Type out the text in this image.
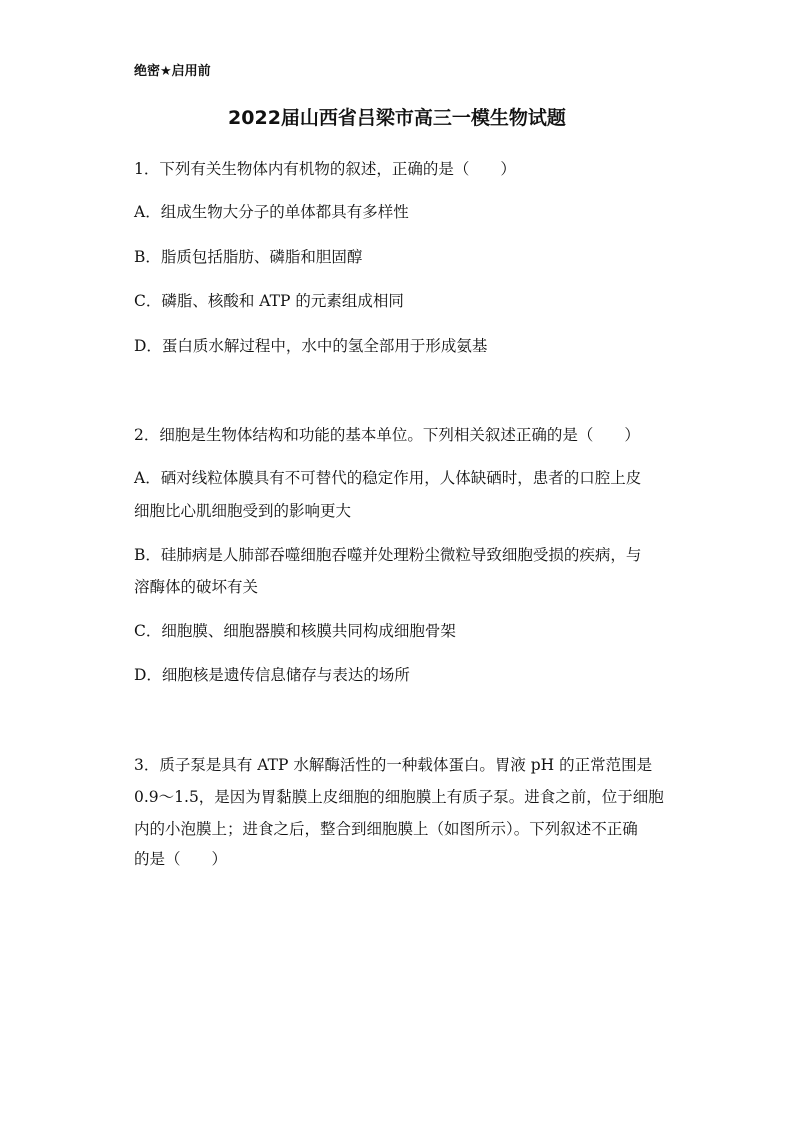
绝密★启用前
2022届山西省吕梁市高三一模生物试题
1．下列有关生物体内有机物的叙述，正确的是（　　）
A．组成生物大分子的单体都具有多样性
B．脂质包括脂肪、磷脂和胆固醇
C．磷脂、核酸和 ATP 的元素组成相同
D．蛋白质水解过程中，水中的氢全部用于形成氨基
2．细胞是生物体结构和功能的基本单位。下列相关叙述正确的是（　　）
A．硒对线粒体膜具有不可替代的稳定作用，人体缺硒时，患者的口腔上皮
细胞比心肌细胞受到的影响更大
B．硅肺病是人肺部吞噬细胞吞噬并处理粉尘微粒导致细胞受损的疾病，与
溶酶体的破坏有关
C．细胞膜、细胞器膜和核膜共同构成细胞骨架
D．细胞核是遗传信息储存与表达的场所
3．质子泵是具有 ATP 水解酶活性的一种载体蛋白。胃液 pH 的正常范围是
0.9～1.5，是因为胃黏膜上皮细胞的细胞膜上有质子泵。进食之前，位于细胞
内的小泡膜上；进食之后，整合到细胞膜上（如图所示）。下列叙述不正确
的是（　　）
